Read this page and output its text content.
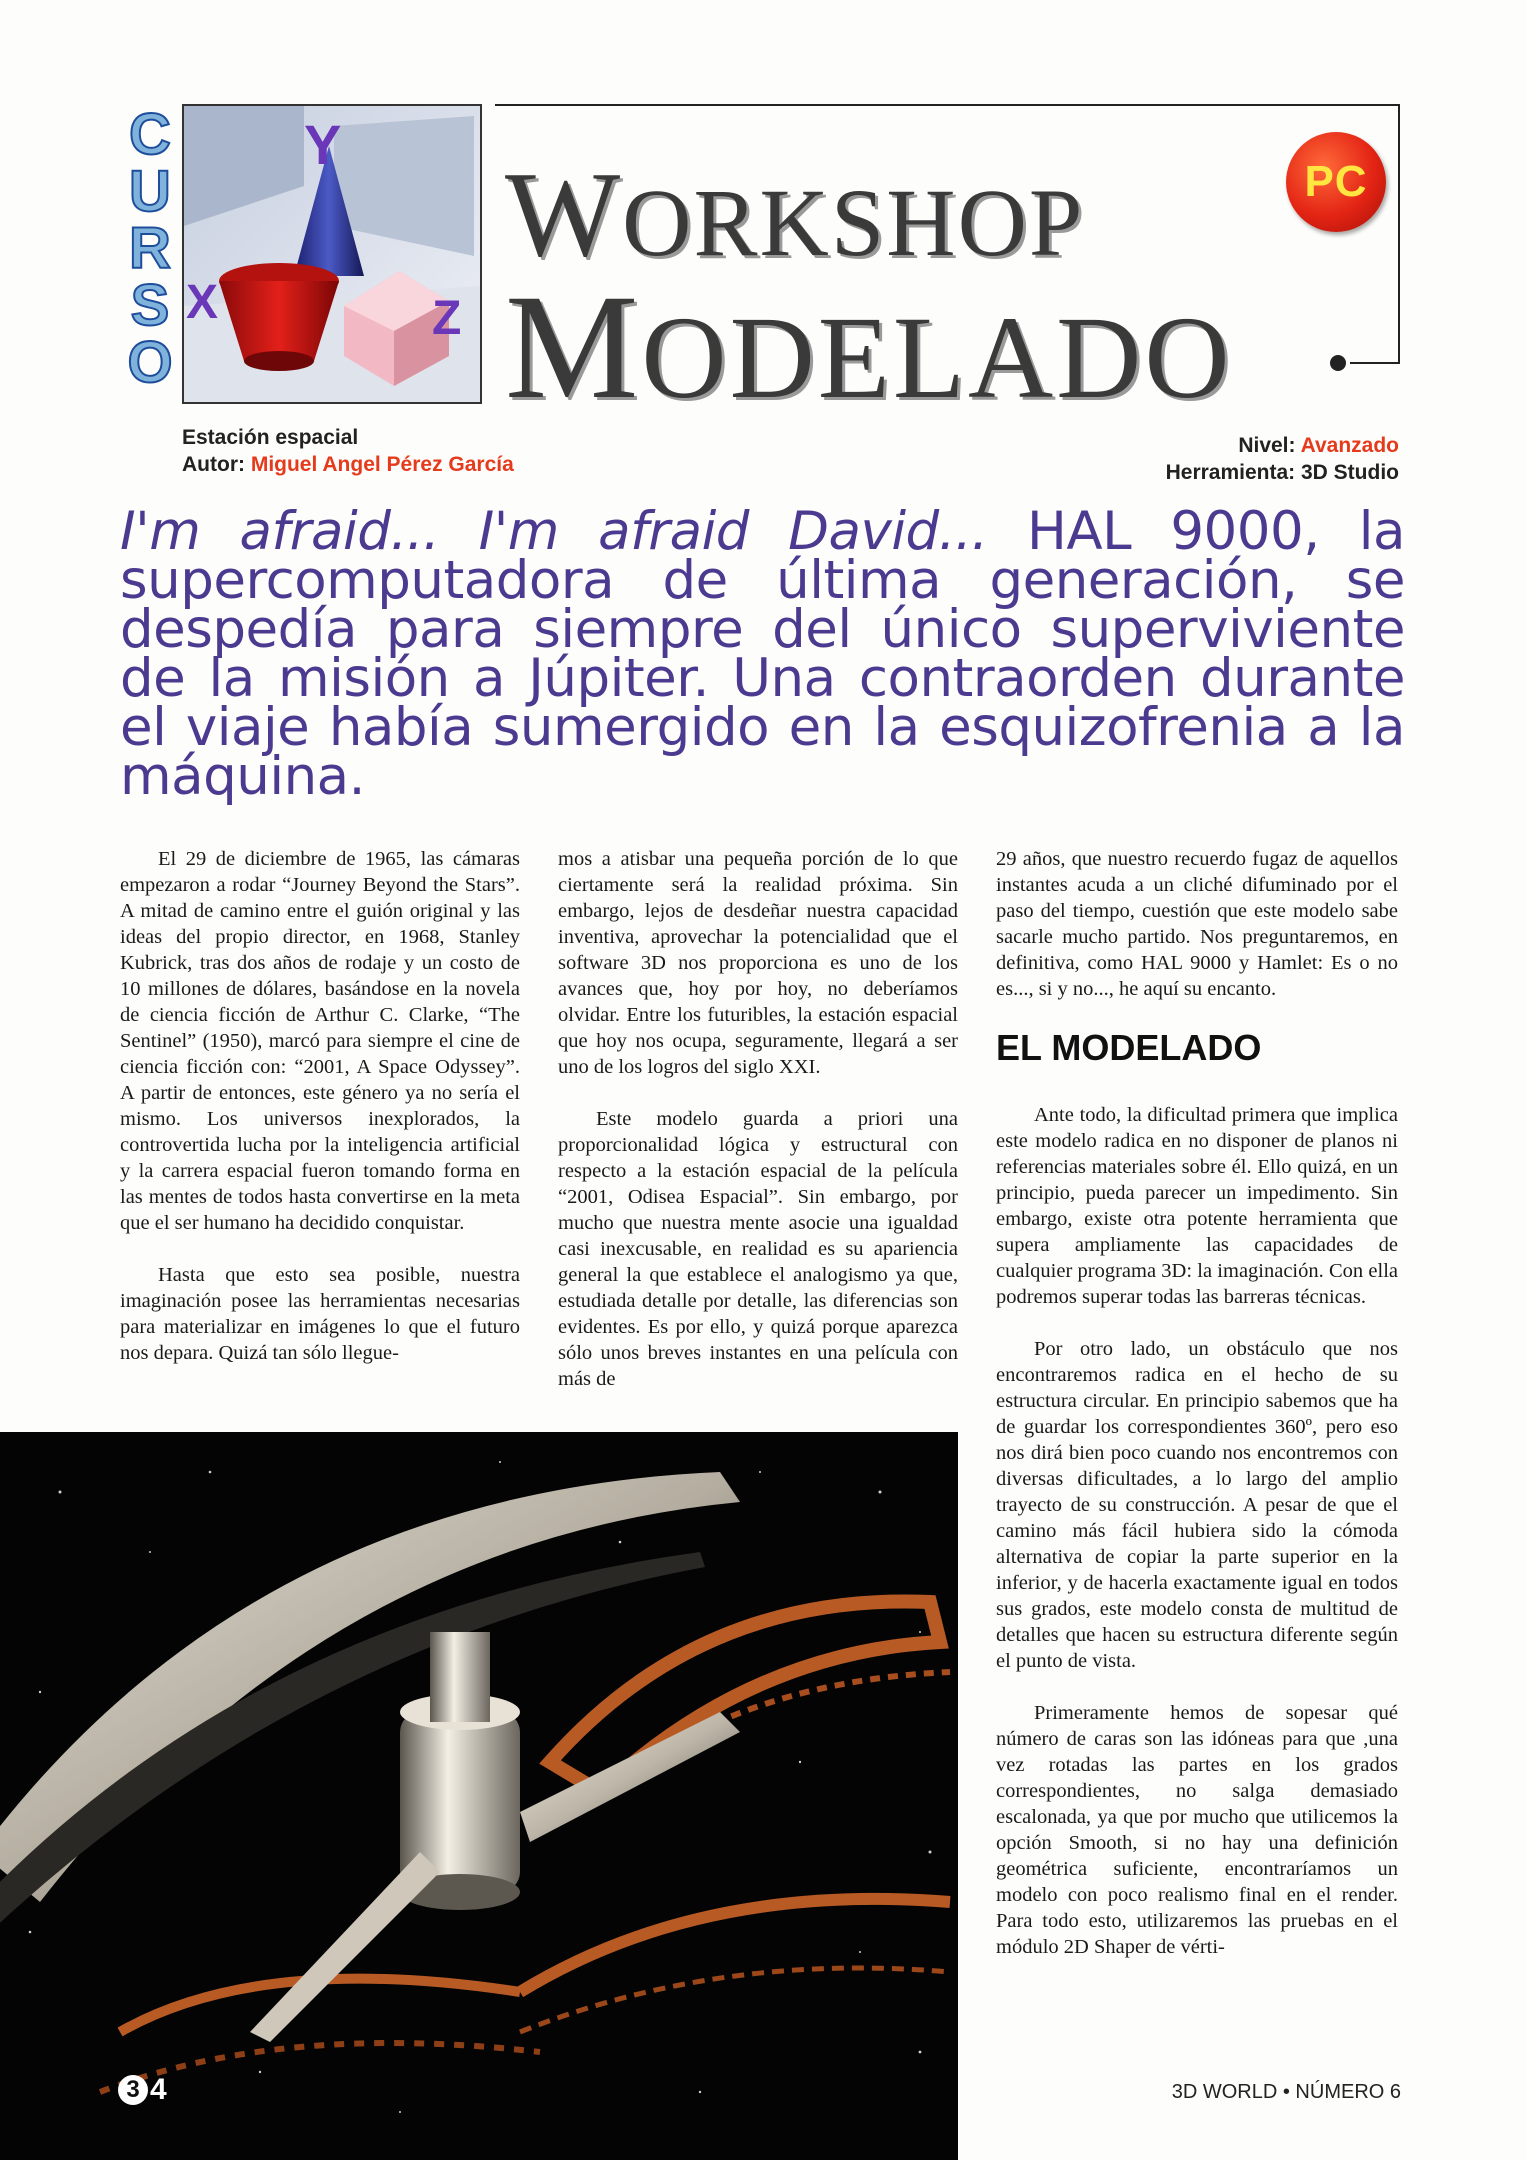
C
U
R
S
O
Y
X	Z
WORKSHOP
MODELADO
PC
Estación espacial
Autor: Miguel Angel Pérez García
Nivel: Avanzado
Herramienta: 3D Studio
I'm afraid... I'm afraid David... HAL 9000, la supercomputadora de última generación, se despedía para siempre del único superviviente de la misión a Júpiter. Una contraorden durante el viaje había sumergido en la esquizofrenia a la máquina.

El 29 de diciembre de 1965, las cámaras empezaron a rodar “Journey Beyond the Stars”. A mitad de camino entre el guión original y las ideas del propio director, en 1968, Stanley Kubrick, tras dos años de rodaje y un costo de 10 millones de dólares, basándose en la novela de ciencia ficción de Arthur C. Clarke, “The Sentinel” (1950), marcó para siempre el cine de ciencia ficción con: “2001, A Space Odyssey”. A partir de entonces, este género ya no sería el mismo. Los universos inexplorados, la controvertida lucha por la inteligencia artificial y la carrera espacial fueron tomando forma en las mentes de todos hasta convertirse en la meta que el ser humano ha decidido conquistar.

Hasta que esto sea posible, nuestra imaginación posee las herramientas necesarias para materializar en imágenes lo que el futuro nos depara. Quizá tan sólo llegue-

mos a atisbar una pequeña porción de lo que ciertamente será la realidad próxima. Sin embargo, lejos de desdeñar nuestra capacidad inventiva, aprovechar la potencialidad que el software 3D nos proporciona es uno de los avances que, hoy por hoy, no deberíamos olvidar. Entre los futuribles, la estación espacial que hoy nos ocupa, seguramente, llegará a ser uno de los logros del siglo XXI.

Este modelo guarda a priori una proporcionalidad lógica y estructural con respecto a la estación espacial de la película “2001, Odisea Espacial”. Sin embargo, por mucho que nuestra mente asocie una igualdad casi inexcusable, en realidad es su apariencia general la que establece el analogismo ya que, estudiada detalle por detalle, las diferencias son evidentes. Es por ello, y quizá porque aparezca sólo unos breves instantes en una película con más de

29 años, que nuestro recuerdo fugaz de aquellos instantes acuda a un cliché difuminado por el paso del tiempo, cuestión que este modelo sabe sacarle mucho partido. Nos preguntaremos, en definitiva, como HAL 9000 y Hamlet: Es o no es..., si y no..., he aquí su encanto.

EL MODELADO

Ante todo, la dificultad primera que implica este modelo radica en no disponer de planos ni referencias materiales sobre él. Ello quizá, en un principio, pueda parecer un impedimento. Sin embargo, existe otra potente herramienta que supera ampliamente las capacidades de cualquier programa 3D: la imaginación. Con ella podremos superar todas las barreras técnicas.

Por otro lado, un obstáculo que nos encontraremos radica en el hecho de su estructura circular. En principio sabemos que ha de guardar los correspondientes 360º, pero eso nos dirá bien poco cuando nos encontremos con diversas dificultades, a lo largo del amplio trayecto de su construcción. A pesar de que el camino más fácil hubiera sido la cómoda alternativa de copiar la parte superior en la inferior, y de hacerla exactamente igual en todos sus grados, este modelo consta de multitud de detalles que hacen su estructura diferente según el punto de vista.

Primeramente hemos de sopesar qué número de caras son las idóneas para que ,una vez rotadas las partes en los grados correspondientes, no salga demasiado escalonada, ya que por mucho que utilicemos la opción Smooth, si no hay una definición geométrica suficiente, encontraríamos un modelo con poco realismo final en el render. Para todo esto, utilizaremos las pruebas en el módulo 2D Shaper de vérti-

3 4	3D WORLD • NÚMERO 6
